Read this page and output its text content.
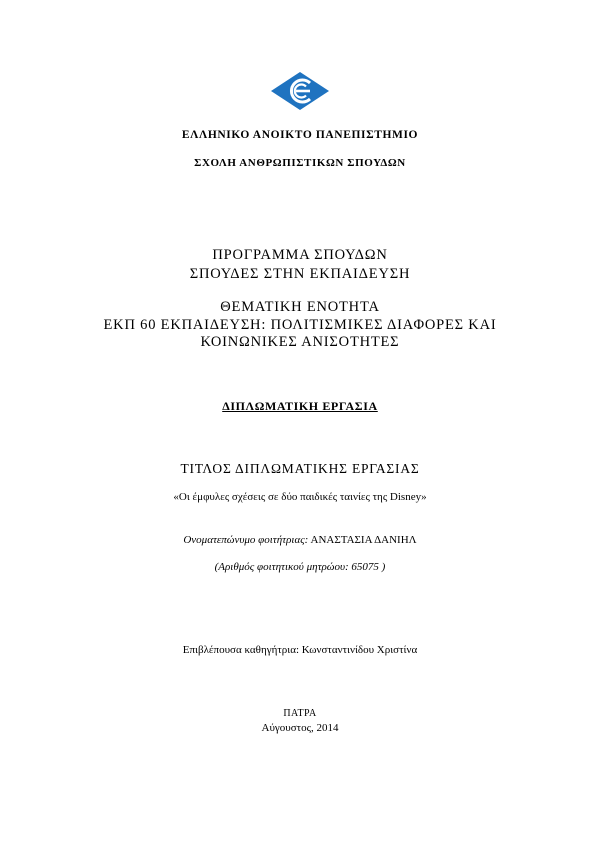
ΕΛΛΗΝΙΚΟ ΑΝΟΙΚΤΟ ΠΑΝΕΠΙΣΤΗΜΙΟ
ΣΧΟΛΗ ΑΝΘΡΩΠΙΣΤΙΚΩΝ ΣΠΟΥΔΩΝ
ΠΡΟΓΡΑΜΜΑ ΣΠΟΥΔΩΝ
ΣΠΟΥΔΕΣ ΣΤΗΝ ΕΚΠΑΙΔΕΥΣΗ
ΘΕΜΑΤΙΚΗ ΕΝΟΤΗΤΑ
ΕΚΠ 60 ΕΚΠΑΙΔΕΥΣΗ: ΠΟΛΙΤΙΣΜΙΚΕΣ ΔΙΑΦΟΡΕΣ ΚΑΙ
ΚΟΙΝΩΝΙΚΕΣ ΑΝΙΣΟΤΗΤΕΣ
ΔΙΠΛΩΜΑΤΙΚΗ ΕΡΓΑΣΙΑ
ΤΙΤΛΟΣ ΔΙΠΛΩΜΑΤΙΚΗΣ ΕΡΓΑΣΙΑΣ
«Οι έμφυλες σχέσεις σε δύο παιδικές ταινίες της Disney»
Ονοματεπώνυμο φοιτήτριας: ΑΝΑΣΤΑΣΙΑ ΔΑΝΙΗΛ
(Αριθμός φοιτητικού μητρώου: 65075 )
Επιβλέπουσα καθηγήτρια: Κωνσταντινίδου Χριστίνα
ΠΑΤΡΑ
Αύγουστος, 2014
